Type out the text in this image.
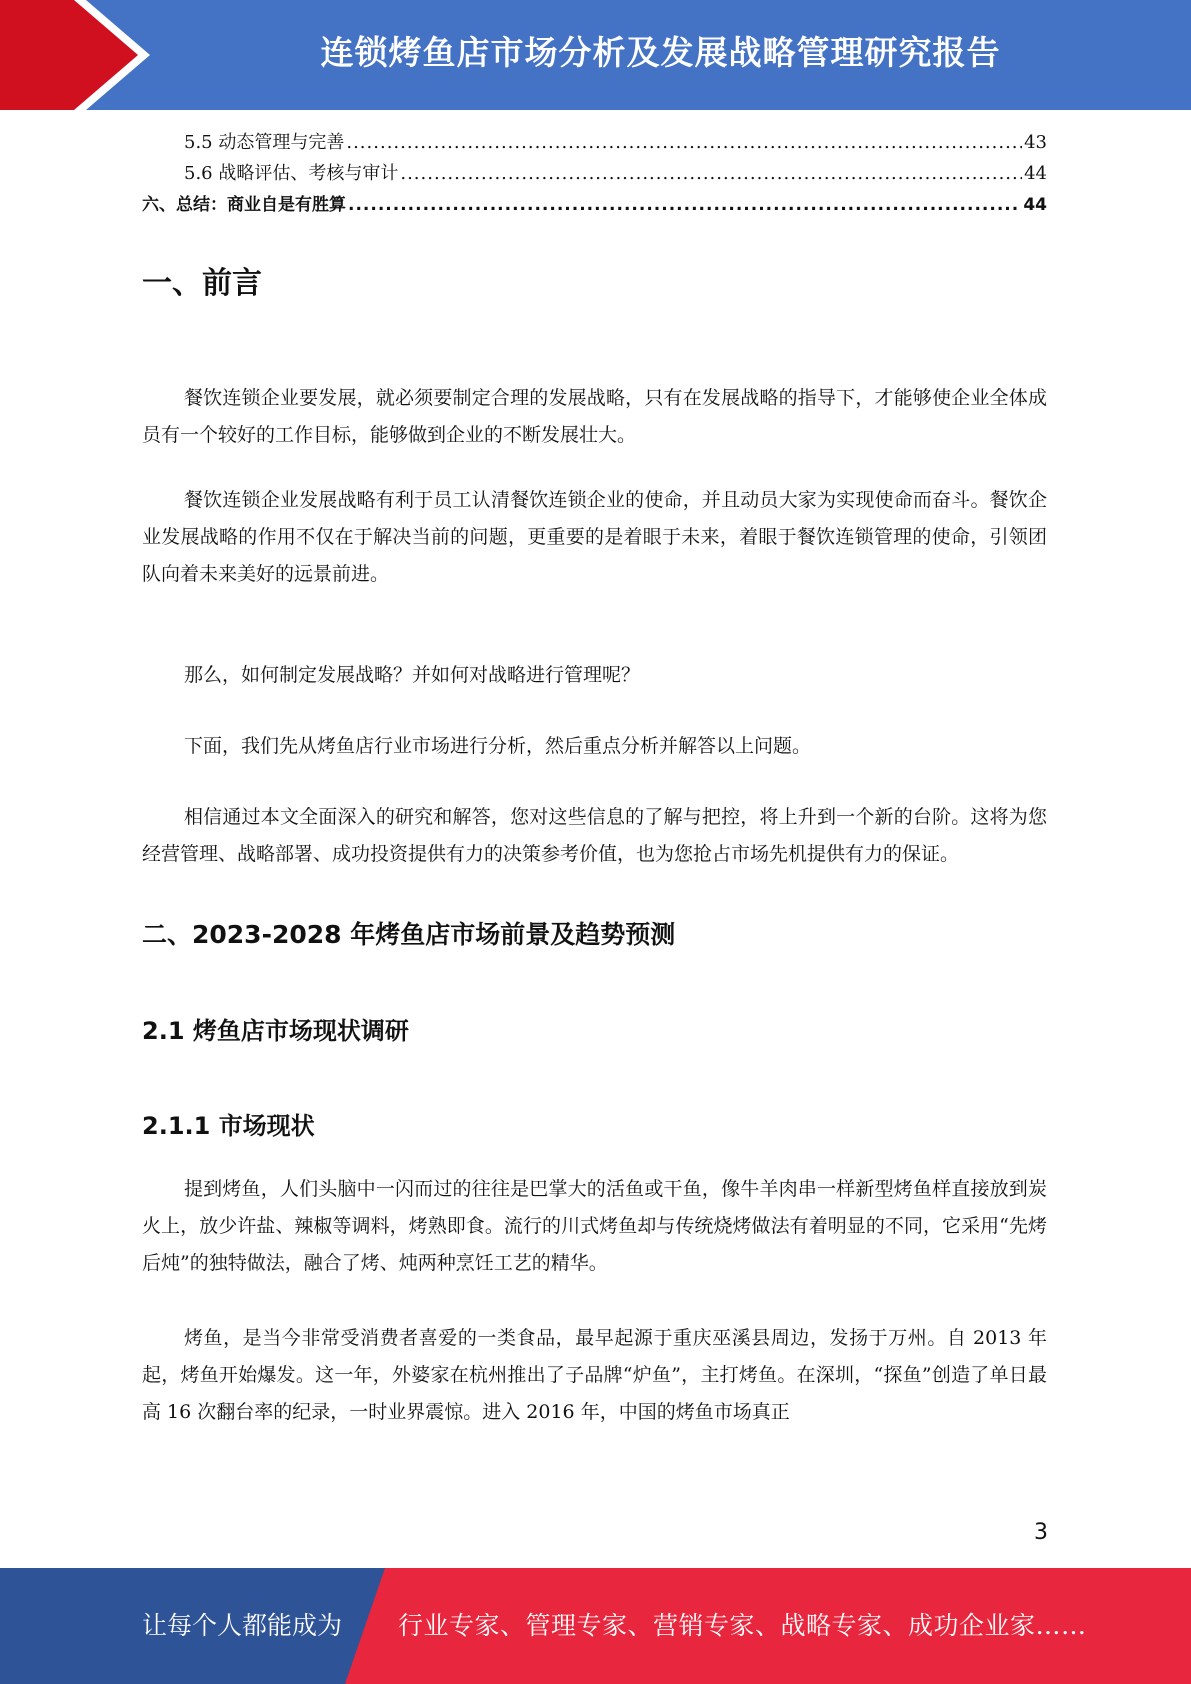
连锁烤鱼店市场分析及发展战略管理研究报告
5.5 动态管理与完善 .....	43
5.6 战略评估、考核与审计 .....	44
六、总结：商业自是有胜算 .....	44
一、前言

餐饮连锁企业要发展，就必须要制定合理的发展战略，只有在发展战略的指导下，才能够使企业全体成员有一个较好的工作目标，能够做到企业的不断发展壮大。

餐饮连锁企业发展战略有利于员工认清餐饮连锁企业的使命，并且动员大家为实现使命而奋斗。餐饮企业发展战略的作用不仅在于解决当前的问题，更重要的是着眼于未来，着眼于餐饮连锁管理的使命，引领团队向着未来美好的远景前进。

那么，如何制定发展战略？并如何对战略进行管理呢？

下面，我们先从烤鱼店行业市场进行分析，然后重点分析并解答以上问题。

相信通过本文全面深入的研究和解答，您对这些信息的了解与把控，将上升到一个新的台阶。这将为您经营管理、战略部署、成功投资提供有力的决策参考价值，也为您抢占市场先机提供有力的保证。

二、2023-2028 年烤鱼店市场前景及趋势预测
2.1 烤鱼店市场现状调研
2.1.1 市场现状

提到烤鱼，人们头脑中一闪而过的往往是巴掌大的活鱼或干鱼，像牛羊肉串一样新型烤鱼样直接放到炭火上，放少许盐、辣椒等调料，烤熟即食。流行的川式烤鱼却与传统烧烤做法有着明显的不同，它采用“先烤后炖”的独特做法，融合了烤、炖两种烹饪工艺的精华。

烤鱼，是当今非常受消费者喜爱的一类食品，最早起源于重庆巫溪县周边，发扬于万州。自 2013 年起，烤鱼开始爆发。这一年，外婆家在杭州推出了子品牌“炉鱼”，主打烤鱼。在深圳，“探鱼”创造了单日最高 16 次翻台率的纪录，一时业界震惊。进入 2016 年，中国的烤鱼市场真正

3
让每个人都能成为 行业专家、管理专家、营销专家、战略专家、成功企业家……
